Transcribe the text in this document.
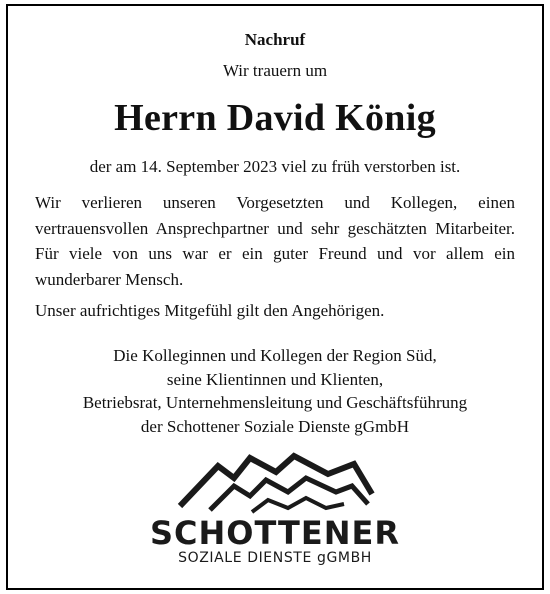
Nachruf
Wir trauern um
Herrn David König
der am 14. September 2023 viel zu früh verstorben ist.
Wir verlieren unseren Vorgesetzten und Kollegen, einen vertrauensvollen Ansprechpartner und sehr geschätzten Mitarbeiter. Für viele von uns war er ein guter Freund und vor allem ein wunderbarer Mensch.
Unser aufrichtiges Mitgefühl gilt den Angehörigen.
Die Kolleginnen und Kollegen der Region Süd,
seine Klientinnen und Klienten,
Betriebsrat, Unternehmensleitung und Geschäftsführung
der Schottener Soziale Dienste gGmbH
SCHOTTENER
SOZIALE DIENSTE gGMBH
